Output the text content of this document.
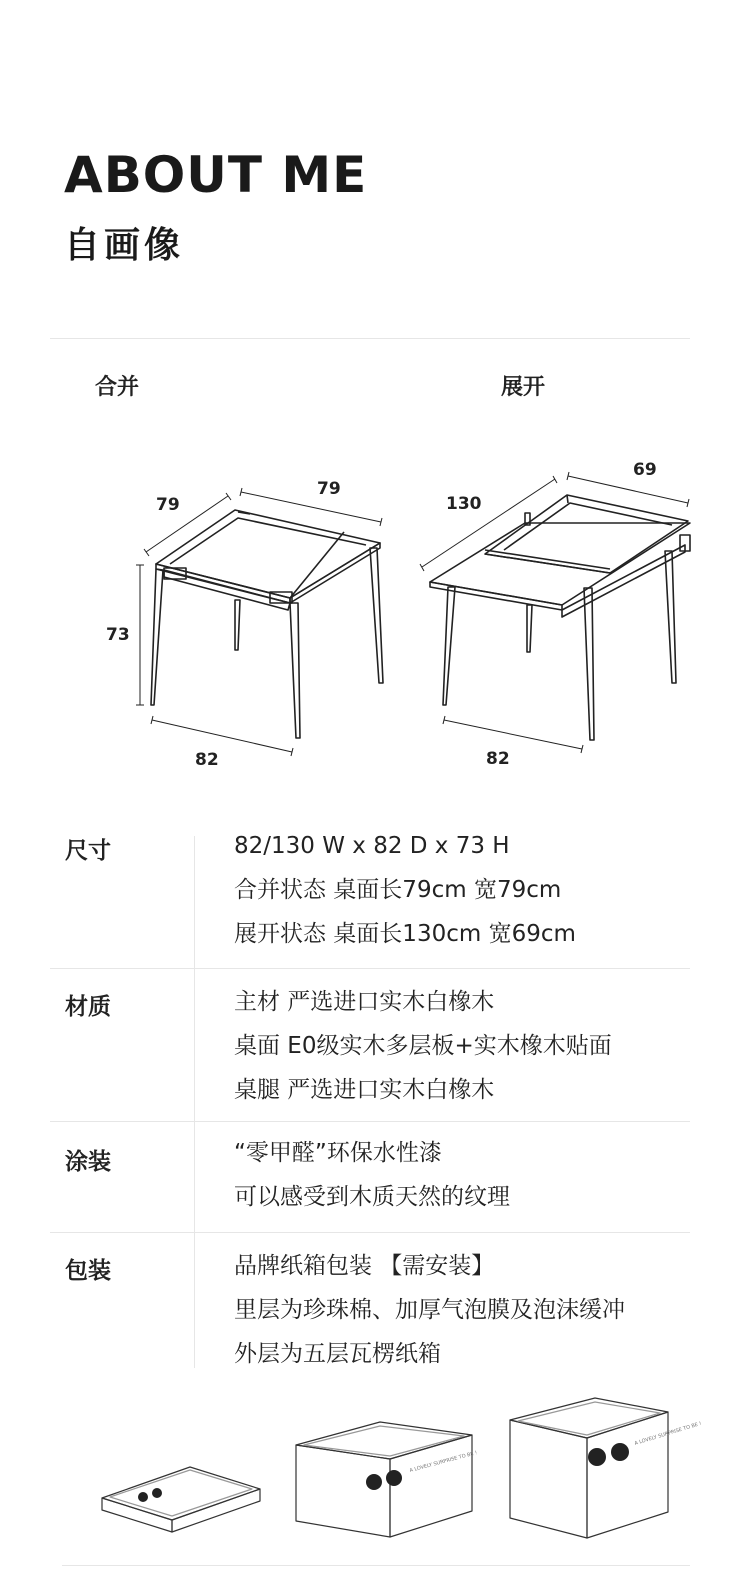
ABOUT ME
自画像
合并	展开
79
79
73
82
130
69
82
尺寸	82/130 W x 82 D x 73 H
合并状态 桌面长79cm 宽79cm
展开状态 桌面长130cm 宽69cm
材质	主材 严选进口实木白橡木
桌面 E0级实木多层板+实木橡木贴面
桌腿 严选进口实木白橡木
涂装	“零甲醛”环保水性漆
可以感受到木质天然的纹理
包装	品牌纸箱包装 【需安装】
里层为珍珠棉、加厚气泡膜及泡沫缓冲
外层为五层瓦楞纸箱
A LOVELY SURPRISE TO BE !
A LOVELY SURPRISE TO BE !
